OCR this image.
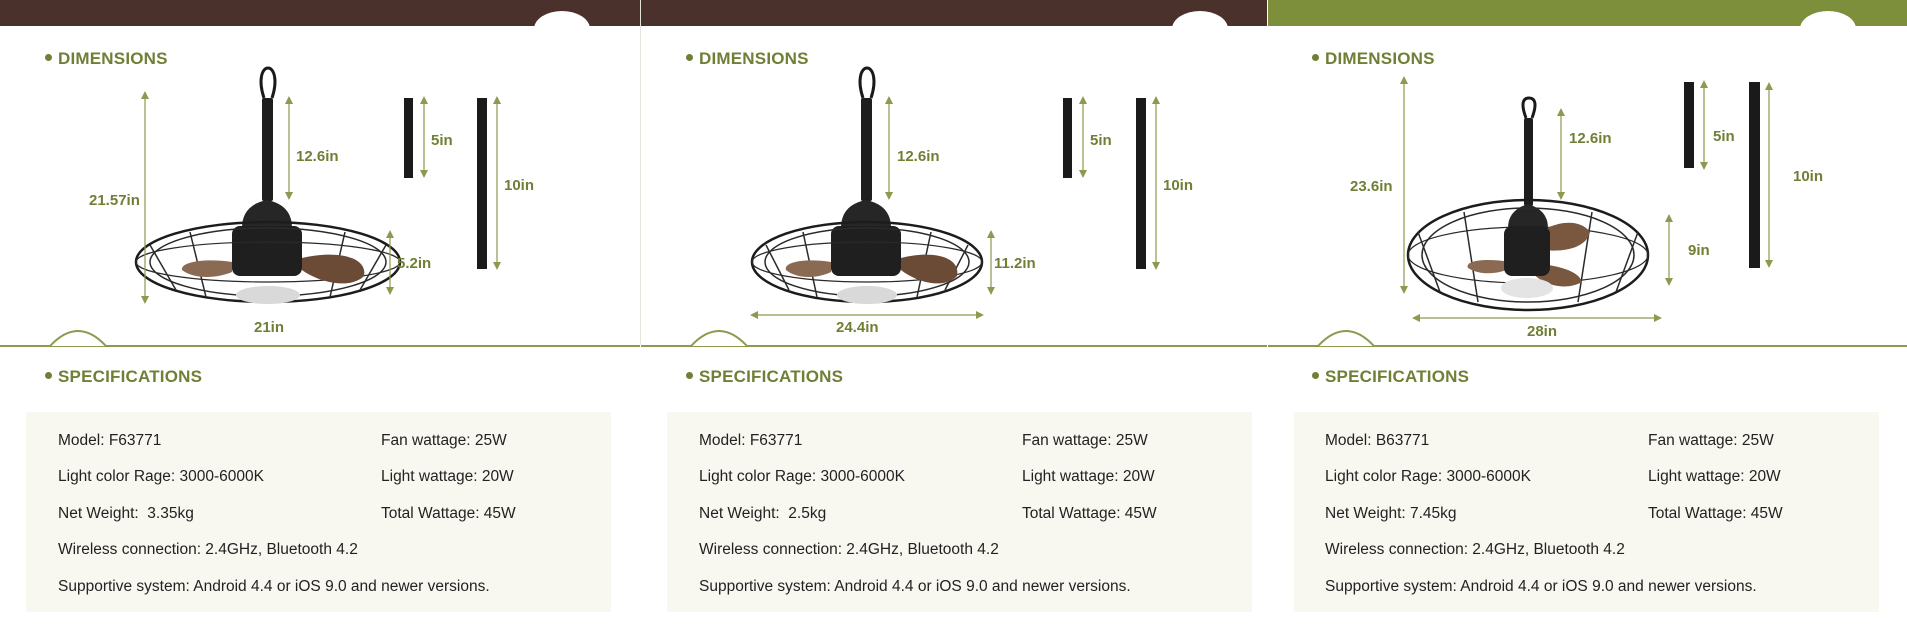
DIMENSIONS
21.57in
12.6in
5.2in
5in
10in
21in
SPECIFICATIONS
Model: F63771
Light color Rage: 3000-6000K
Net Weight:  3.35kg
Wireless connection: 2.4GHz, Bluetooth 4.2
Supportive system: Android 4.4 or iOS 9.0 and newer versions.
Fan wattage: 25W
Light wattage: 20W
Total Wattage: 45W
DIMENSIONS
12.6in
11.2in
5in
10in
24.4in
SPECIFICATIONS
Model: F63771
Light color Rage: 3000-6000K
Net Weight:  2.5kg
Wireless connection: 2.4GHz, Bluetooth 4.2
Supportive system: Android 4.4 or iOS 9.0 and newer versions.
Fan wattage: 25W
Light wattage: 20W
Total Wattage: 45W
DIMENSIONS
23.6in
12.6in
9in
5in
10in
28in
SPECIFICATIONS
Model: B63771
Light color Rage: 3000-6000K
Net Weight: 7.45kg
Wireless connection: 2.4GHz, Bluetooth 4.2
Supportive system: Android 4.4 or iOS 9.0 and newer versions.
Fan wattage: 25W
Light wattage: 20W
Total Wattage: 45W
